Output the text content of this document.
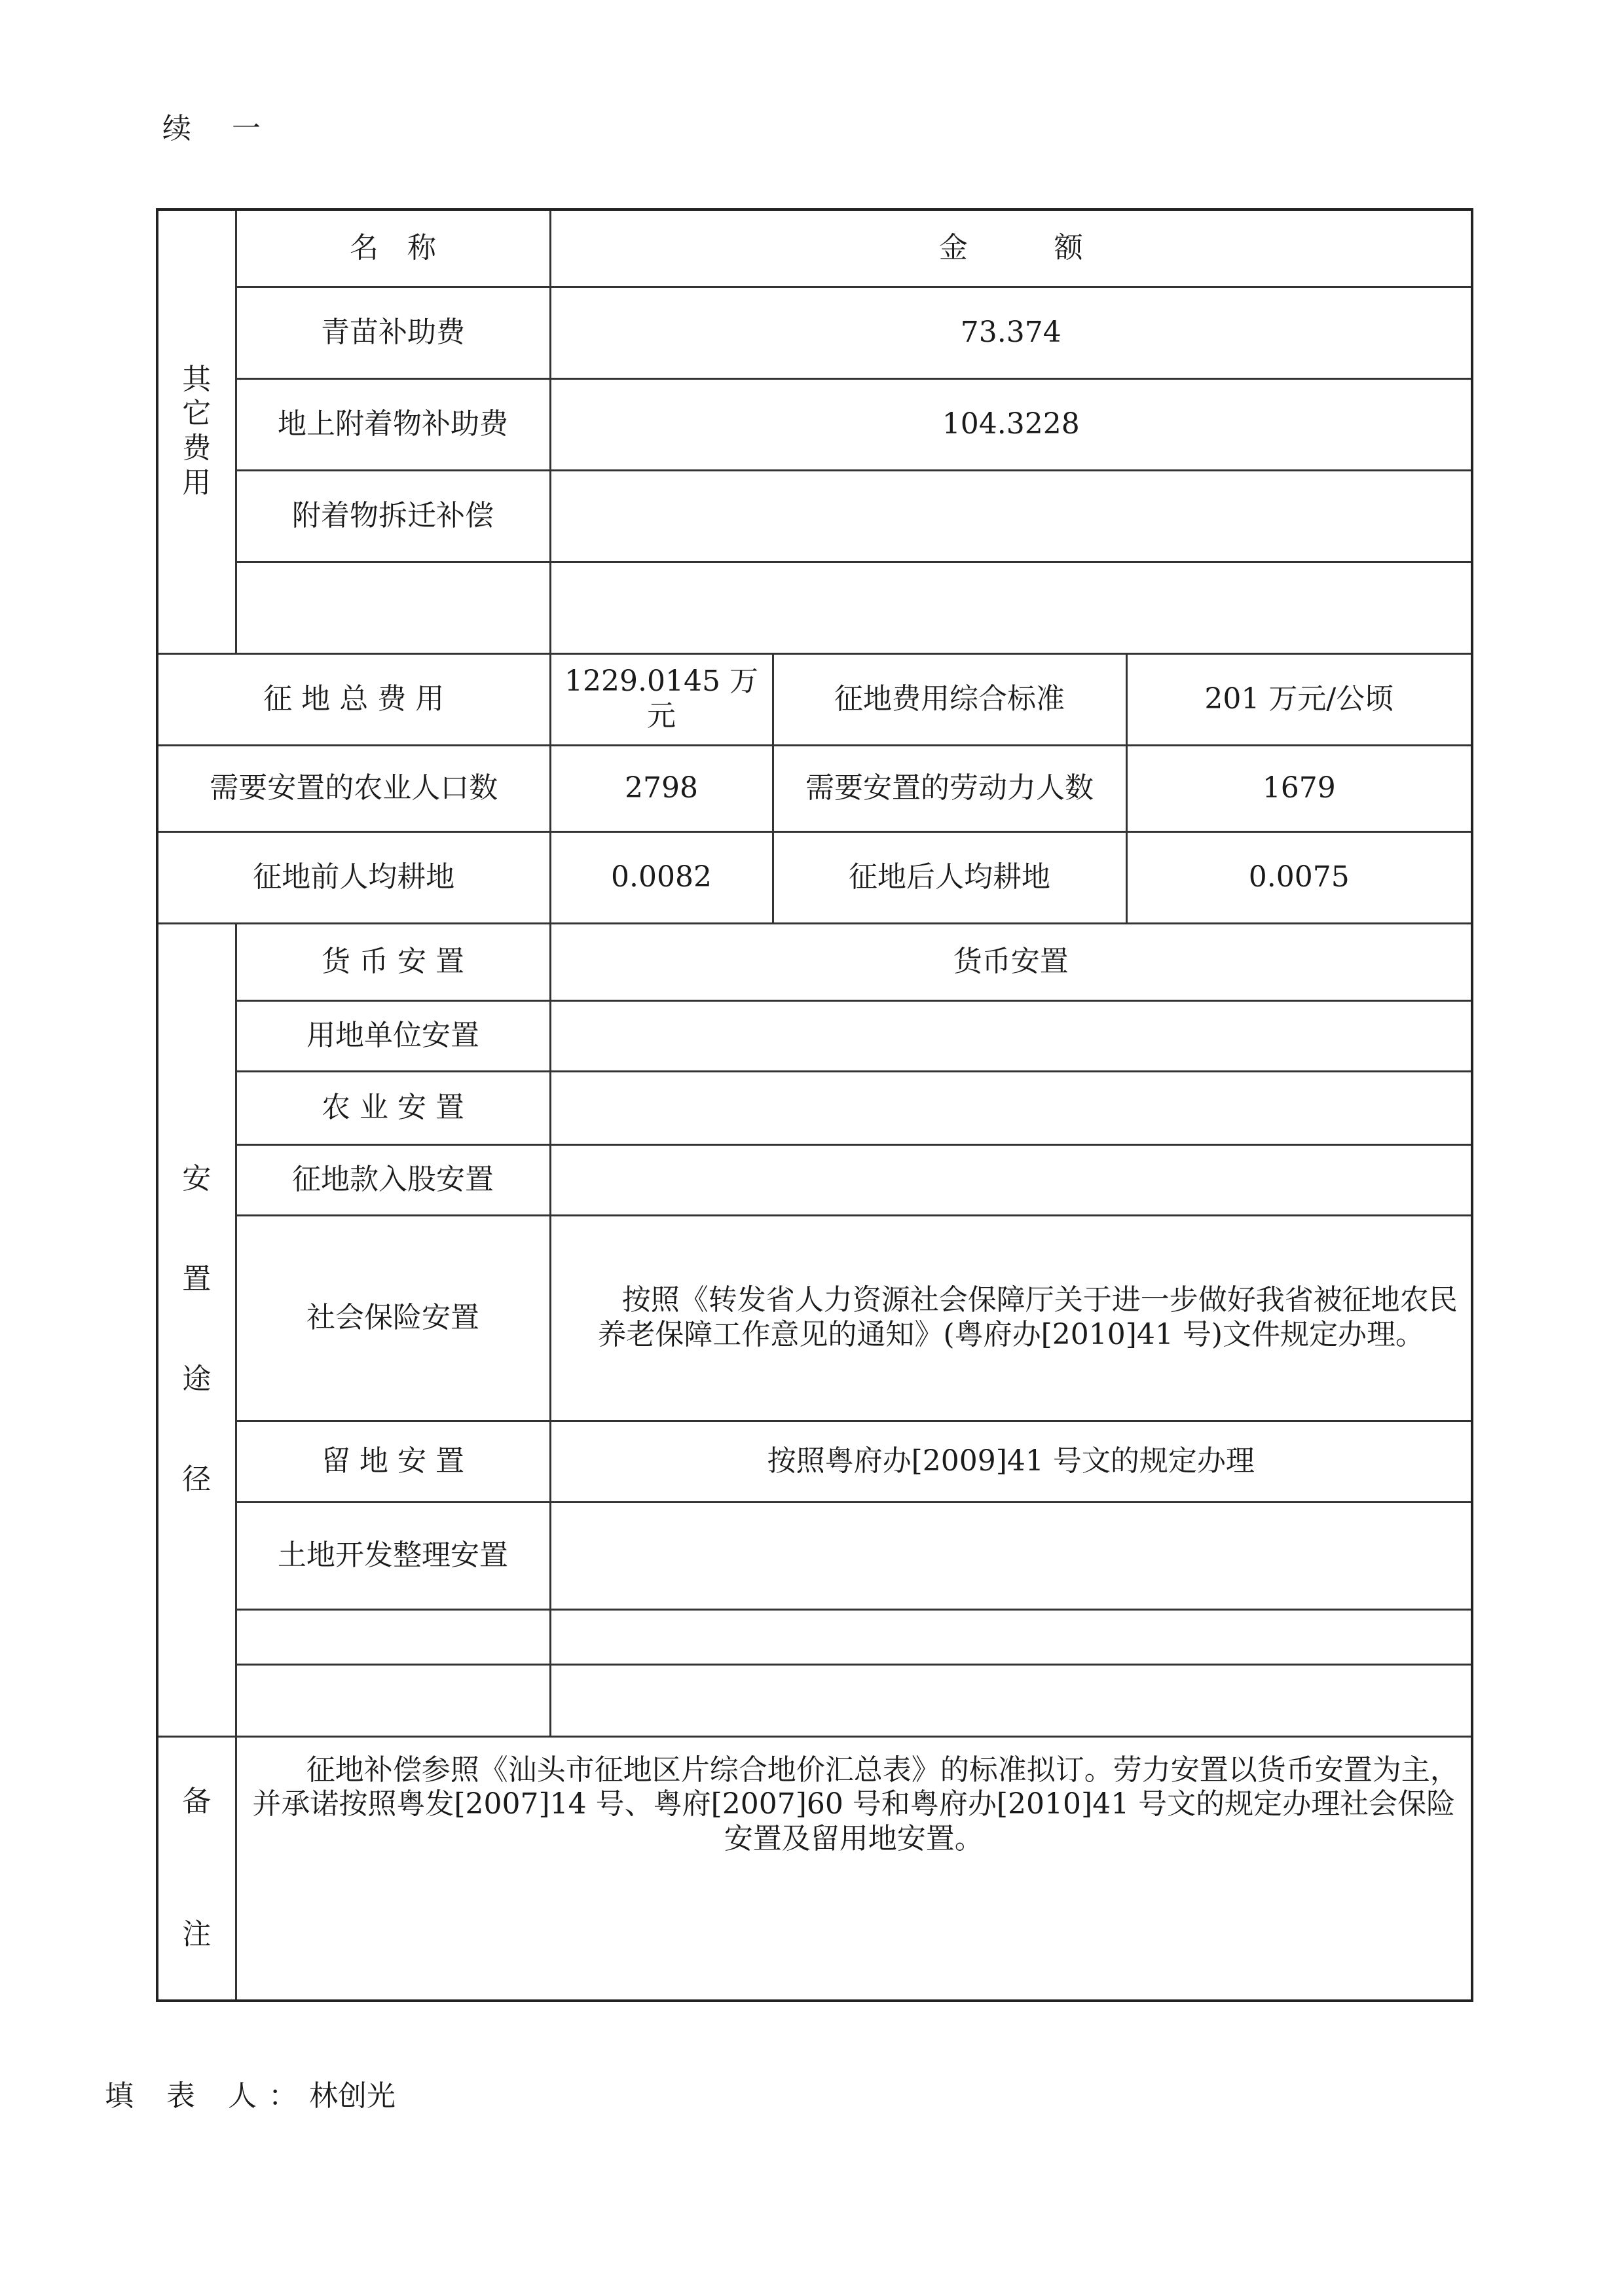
续 一
其
它
费
用	名　称	金　　　额		
	青苗补助费	73.374		
	地上附着物补助费	104.3228		
	附着物拆迁补偿			

征 地 总 费 用		1229.0145 万元	征地费用综合标准	201 万元/公顷
需要安置的农业人口数		2798	需要安置的劳动力人数	1679
征地前人均耕地		0.0082	征地后人均耕地	0.0075

安
置
途
径	货 币 安 置	货币安置		
	用地单位安置			
	农 业 安 置			
	征地款入股安置			
	社会保险安置	按照《转发省人力资源社会保障厅关于进一步做好我省被征地农民养老保障工作意见的通知》(粤府办[2010]41 号)文件规定办理。		

	留 地 安 置	按照粤府办[2009]41 号文的规定办理		
	土地开发整理安置			

备
注	征地补偿参照《汕头市征地区片综合地价汇总表》的标准拟订。劳力安置以货币安置为主，并承诺按照粤发[2007]14 号、粤府[2007]60 号和粤府办[2010]41 号文的规定办理社会保险安置及留用地安置。			
填 表 人：林创光
